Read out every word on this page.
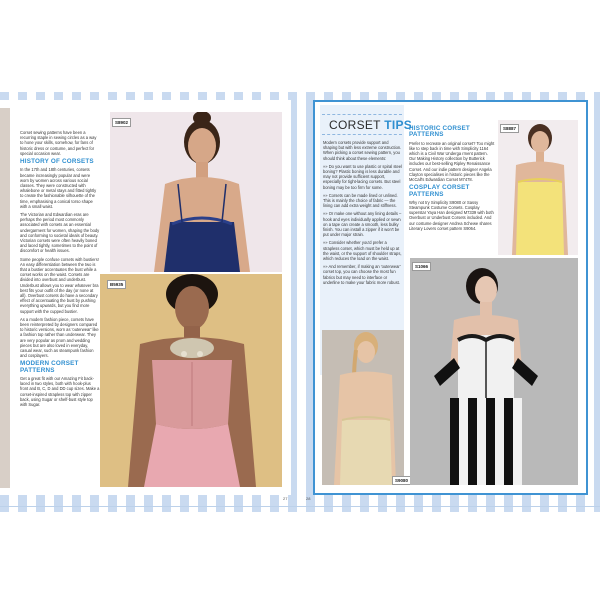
Corset sewing patterns have been a recurring staple in sewing circles as a way to hone your skills, somehow, for fans of historic dress or costume, and perfect for special occasion wear.

HISTORY OF CORSETS

In the 17th and 18th centuries, corsets became increasingly popular and were worn by women across various social classes. They were constructed with whalebone or metal stays and fitted tightly to create the fashionable silhouette of the time, emphasising a conical torso shape with a small waist.

The Victorian and Edwardian eras are perhaps the period most commonly associated with corsets as an essential undergarment for women, shaping the body and conforming to societal ideals of beauty. Victorian corsets were often heavily boned and laced tightly, sometimes to the point of discomfort or health issues.

Some people confuse corsets with bustiers! An easy differentiation between the two is that a bustier accentuates the bust while a corset works on the waist. Corsets are divided into overbust and underbust. Underbust allows you to wear whatever bra best fits your outfit of the day (or none at all). Overbust corsets do have a secondary effect of accentuating the bust by pushing everything upwards, but you find more support with the cupped bustier.

As a modern fashion piece, corsets have been reinterpreted by designers compared to historic versions, worn as 'outerwear' like a fashion top rather than underwear. They are very popular as prom and wedding pieces but are also loved in everyday, casual wear, such as steampunk fashion and cosplayers.

MODERN CORSET PATTERNS

Get a great fit with our Amazing Fit back-laced in two styles, both with hook-plus front and B, C, D and DD cup sizes. Make a corset-inspired strapless top with zipper back, using Sugar or shelf-bust style top with Sugar.

S8902
B5935
27
CORSET TIPS

Modern corsets provide support and shaping but with less extreme construction. When picking a corset sewing pattern, you should think about these elements:

»» Do you want to use plastic or spiral steel boning? Plastic boning is less durable and may not provide sufficient support, especially for tight-lacing corsets. But steel boning may be too firm for some.

»» Corsets can be made lined or unlined. This is mainly the choice of fabric — the lining can add extra weight and stiffness.

»» Or make one without any lining details – hook and eyes individually applied or sewn on a tape can create a smooth, less bulky finish. You can install a zipper if it won't be put under major strain.

»» Consider whether you'd prefer a strapless corset, which must be held up at the waist, or the support of shoulder straps, which reduces the load on the waist.

»» And remember, if making an 'outerwear' corset top, you can choose the most fun fabrics but may need to interface or underline to make your fabric more robust.

HISTORIC CORSET PATTERNS

Prefer to recreate an original corset? Too might like to step back in time with Simplicity 1164 which is a Civil War Underga rment pattern. Our Making History collection by Butterick includes our best-selling Ripley Renaissance Corset. And our indie pattern designer Angela Clayton specialises in historic pieces like the McCall's Edwardian Corset M7478.

COSPLAY CORSET PATTERNS

Why not try Simplicity S9080 or Sassy Steampunk Costume Corsets. Cosplay superstar Yaya Han designed M7339 with both Overbust or Underbust Corsets included. And our costume designer Andrea Schewe shares Literary Lovers corset pattern S9064.

S8887
S9080
S1066
28
